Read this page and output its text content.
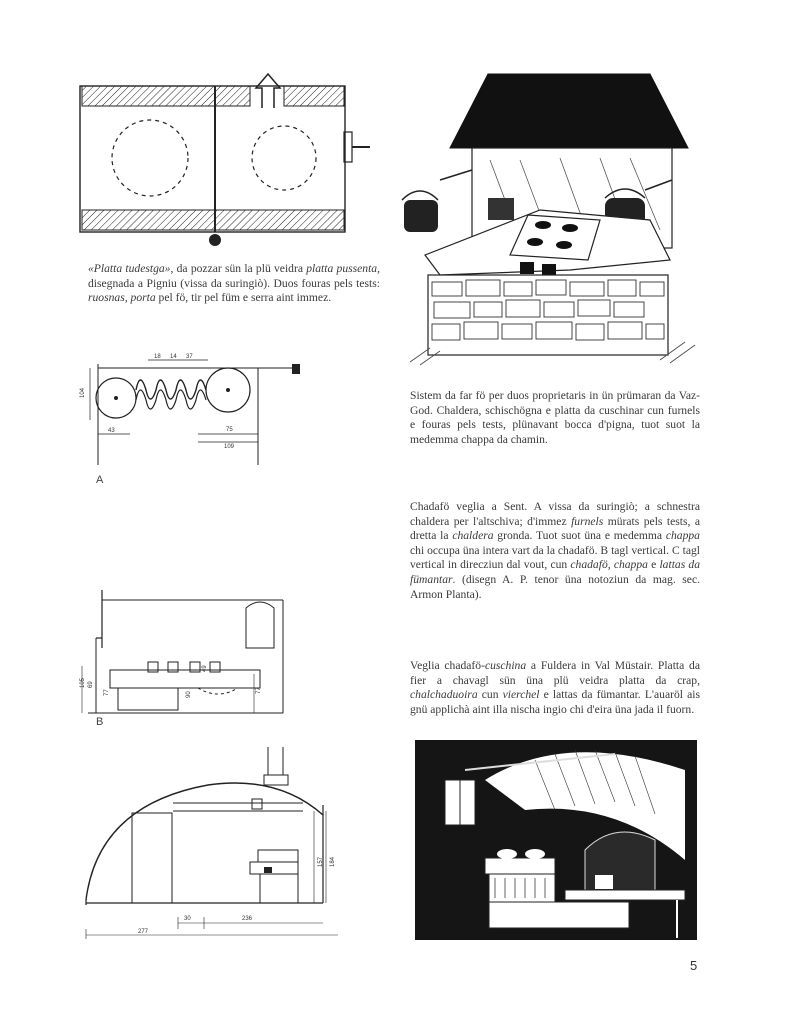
«Platta tudestga», da pozzar sün la plü veidra platta pussenta, disegnada a Pigniu (vissa da suringiò). Duos fouras pels tests: ruosnas, porta pel fö, tir pel füm e serra aint immez.
Sistem da far fö per duos proprietaris in ün prümaran da Vaz-God. Chaldera, schischögna e platta da cuschinar cun furnels e fouras pels tests, plünavant bocca d'pigna, tuot suot la medemma chappa da chamin.
18 14 37
75
109
43
104
A
Chadafö veglia a Sent. A vissa da suringiò; a schnestra chaldera per l'altschiva; d'immez furnels mürats pels tests, a dretta la chaldera gronda. Tuot suot üna e medemma chappa chi occupa üna intera vart da la chadafö. B tagl vertical. C tagl vertical in direcziun dal vout, cun chadafö, chappa e lattas da fümantar. (disegn A. P. tenor üna notoziun da mag. sec. Armon Planta).
105 69
77
49
90
77
B
Veglia chadafö-cuschina a Fuldera in Val Müstair. Platta da fier a chavagl sün üna plü veidra platta da crap, chalchaduoira cun vierchel e lattas da fümantar. L'auaröl ais gnü applichà aint illa nischa ingio chi d'eira üna jada il fuorn.
157 184
30	236
277
5
